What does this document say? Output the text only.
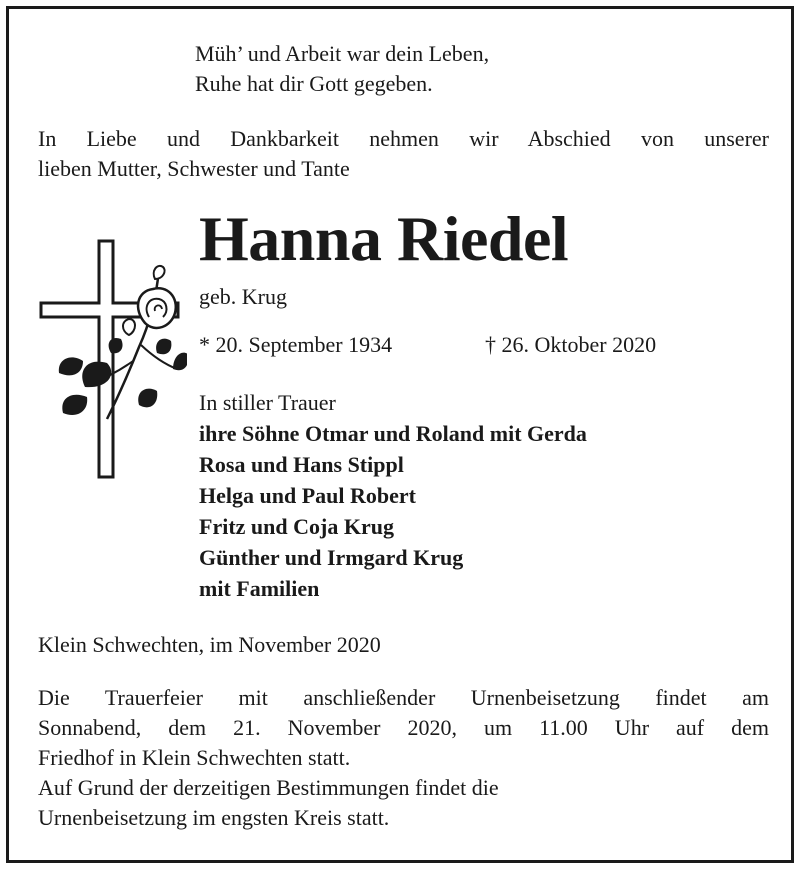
Müh’ und Arbeit war dein Leben,
Ruhe hat dir Gott gegeben.
In Liebe und Dankbarkeit nehmen wir Abschied von unserer
lieben Mutter, Schwester und Tante
Hanna Riedel
geb. Krug
* 20. September 1934	† 26. Oktober 2020
In stiller Trauer
ihre Söhne Otmar und Roland mit Gerda
Rosa und Hans Stippl
Helga und Paul Robert
Fritz und Coja Krug
Günther und Irmgard Krug
mit Familien
Klein Schwechten, im November 2020
Die Trauerfeier mit anschließender Urnenbeisetzung findet am
Sonnabend, dem 21. November 2020, um 11.00 Uhr auf dem
Friedhof in Klein Schwechten statt.
Auf Grund der derzeitigen Bestimmungen findet die
Urnenbeisetzung im engsten Kreis statt.
